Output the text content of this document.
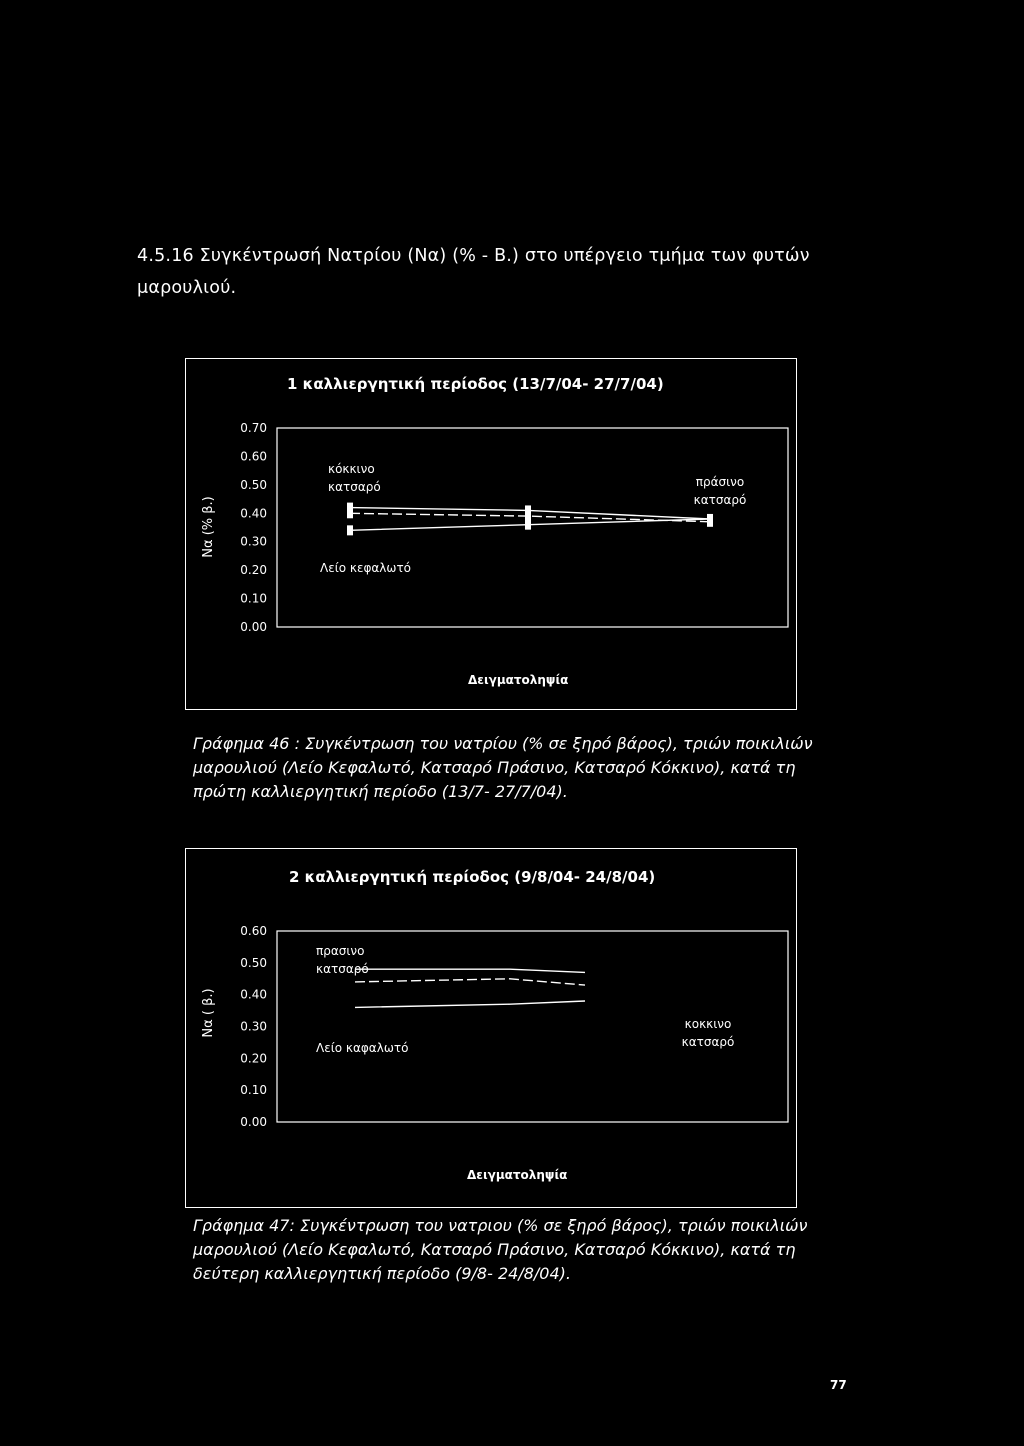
4.5.16 Συγκέντρωσή Νατρίου (Να) (% - Β.) στο υπέργειο τμήμα των φυτών
μαρουλιού.
1 καλλιεργητική περίοδος (13/7/04- 27/7/04)
0.00
0.10
0.20
0.30
0.40
0.50
0.60
0.70
Να (% β.)
κόκκινο
κατσαρό
Λείο κεφαλωτό
πράσινο
κατσαρό
Δειγματοληψία
Γράφημα 46 : Συγκέντρωση του νατρίου (% σε ξηρό βάρος), τριών ποικιλιών
μαρουλιού (Λείο Κεφαλωτό, Κατσαρό Πράσινο, Κατσαρό Κόκκινο), κατά τη
πρώτη καλλιεργητική περίοδο (13/7- 27/7/04).
2 καλλιεργητική περίοδος (9/8/04- 24/8/04)
0.00
0.10
0.20
0.30
0.40
0.50
0.60
Να ( β.)
πρασινο
κατσαρό
Λείο καφαλωτό
κοκκινο
κατσαρό
Δειγματοληψία
Γράφημα 47: Συγκέντρωση του νατριου (% σε ξηρό βάρος), τριών ποικιλιών
μαρουλιού (Λείο Κεφαλωτό, Κατσαρό Πράσινο, Κατσαρό Κόκκινο), κατά τη
δεύτερη καλλιεργητική περίοδο (9/8- 24/8/04).
77
